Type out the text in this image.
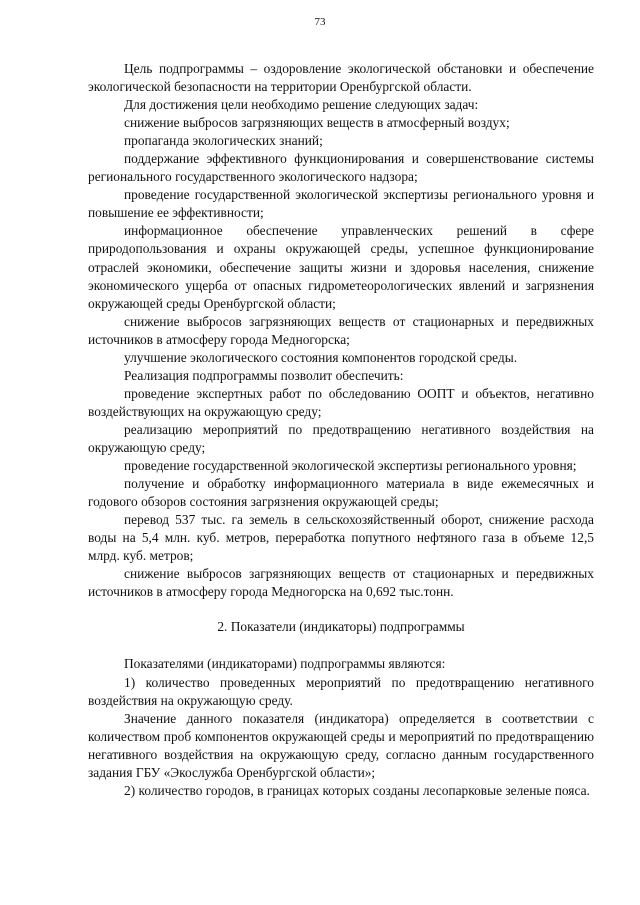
73

Цель подпрограммы – оздоровление экологической обстановки и обеспечение экологической безопасности на территории Оренбургской области.

Для достижения цели необходимо решение следующих задач:

снижение выбросов загрязняющих веществ в атмосферный воздух;

пропаганда экологических знаний;

поддержание эффективного функционирования и совершенствование системы регионального государственного экологического надзора;

проведение государственной экологической экспертизы регионального уровня и повышение ее эффективности;

информационное обеспечение управленческих решений в сфере природопользования и охраны окружающей среды, успешное функционирование отраслей экономики, обеспечение защиты жизни и здоровья населения, снижение экономического ущерба от опасных гидрометеорологических явлений и загрязнения окружающей среды Оренбургской области;

снижение выбросов загрязняющих веществ от стационарных и передвижных источников в атмосферу города Медногорска;

улучшение экологического состояния компонентов городской среды.

Реализация подпрограммы позволит обеспечить:

проведение экспертных работ по обследованию ООПТ и объектов, негативно воздействующих на окружающую среду;

реализацию мероприятий по предотвращению негативного воздействия на окружающую среду;

проведение государственной экологической экспертизы регионального уровня;

получение и обработку информационного материала в виде ежемесячных и годового обзоров состояния загрязнения окружающей среды;

перевод 537 тыс. га земель в сельскохозяйственный оборот, снижение расхода воды на 5,4 млн. куб. метров, переработка попутного нефтяного газа в объеме 12,5 млрд. куб. метров;

снижение выбросов загрязняющих веществ от стационарных и передвижных источников в атмосферу города Медногорска на 0,692 тыс.тонн.

2. Показатели (индикаторы) подпрограммы

Показателями (индикаторами) подпрограммы являются:

1) количество проведенных мероприятий по предотвращению негативного воздействия на окружающую среду.

Значение данного показателя (индикатора) определяется в соответствии с количеством проб компонентов окружающей среды и мероприятий по предотвращению негативного воздействия на окружающую среду, согласно данным государственного задания ГБУ «Экослужба Оренбургской области»;

2) количество городов, в границах которых созданы лесопарковые зеленые пояса.
